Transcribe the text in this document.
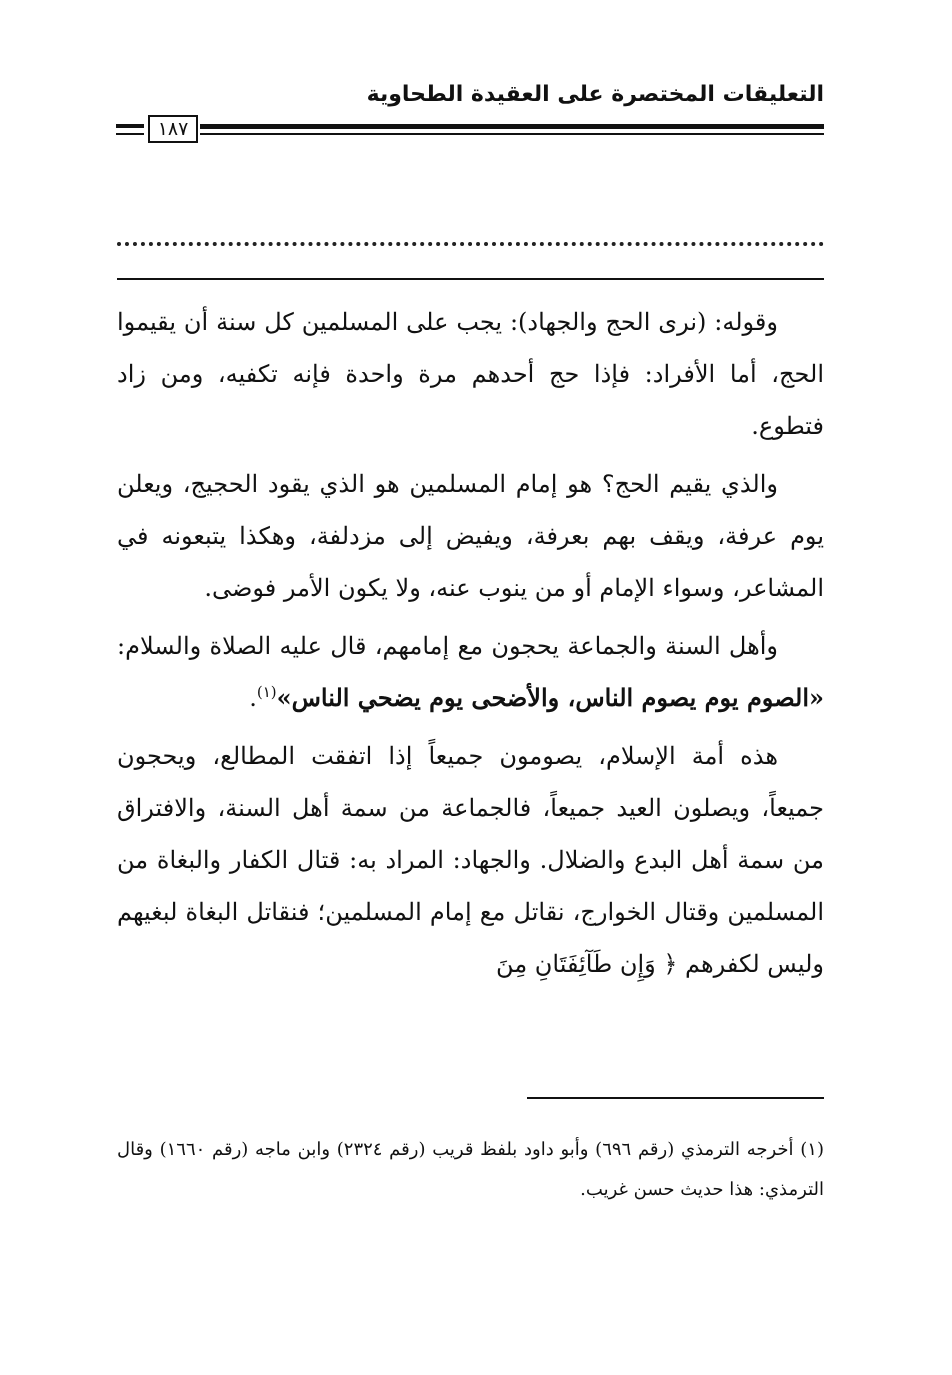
التعليقات المختصرة على العقيدة الطحاوية
١٨٧

وقوله: (نرى الحج والجهاد): يجب على المسلمين كل سنة أن يقيموا الحج، أما الأفراد: فإذا حج أحدهم مرة واحدة فإنه تكفيه، ومن زاد فتطوع.

والذي يقيم الحج؟ هو إمام المسلمين هو الذي يقود الحجيج، ويعلن يوم عرفة، ويقف بهم بعرفة، ويفيض إلى مزدلفة، وهكذا يتبعونه في المشاعر، وسواء الإمام أو من ينوب عنه، ولا يكون الأمر فوضى.

وأهل السنة والجماعة يحجون مع إمامهم، قال عليه الصلاة والسلام: «الصوم يوم يصوم الناس، والأضحى يوم يضحي الناس»$^{(١)}$.

هذه أمة الإسلام، يصومون جميعاً إذا اتفقت المطالع، ويحجون جميعاً، ويصلون العيد جميعاً، فالجماعة من سمة أهل السنة، والافتراق من سمة أهل البدع والضلال. والجهاد: المراد به: قتال الكفار والبغاة من المسلمين وقتال الخوارج، نقاتل مع إمام المسلمين؛ فنقاتل البغاة لبغيهم وليس لكفرهم ﴿ وَإِن طَآئِفَتَانِ مِنَ

(١) أخرجه الترمذي (رقم ٦٩٦) وأبو داود بلفظ قريب (رقم ٢٣٢٤) وابن ماجه (رقم ١٦٦٠) وقال الترمذي: هذا حديث حسن غريب.
